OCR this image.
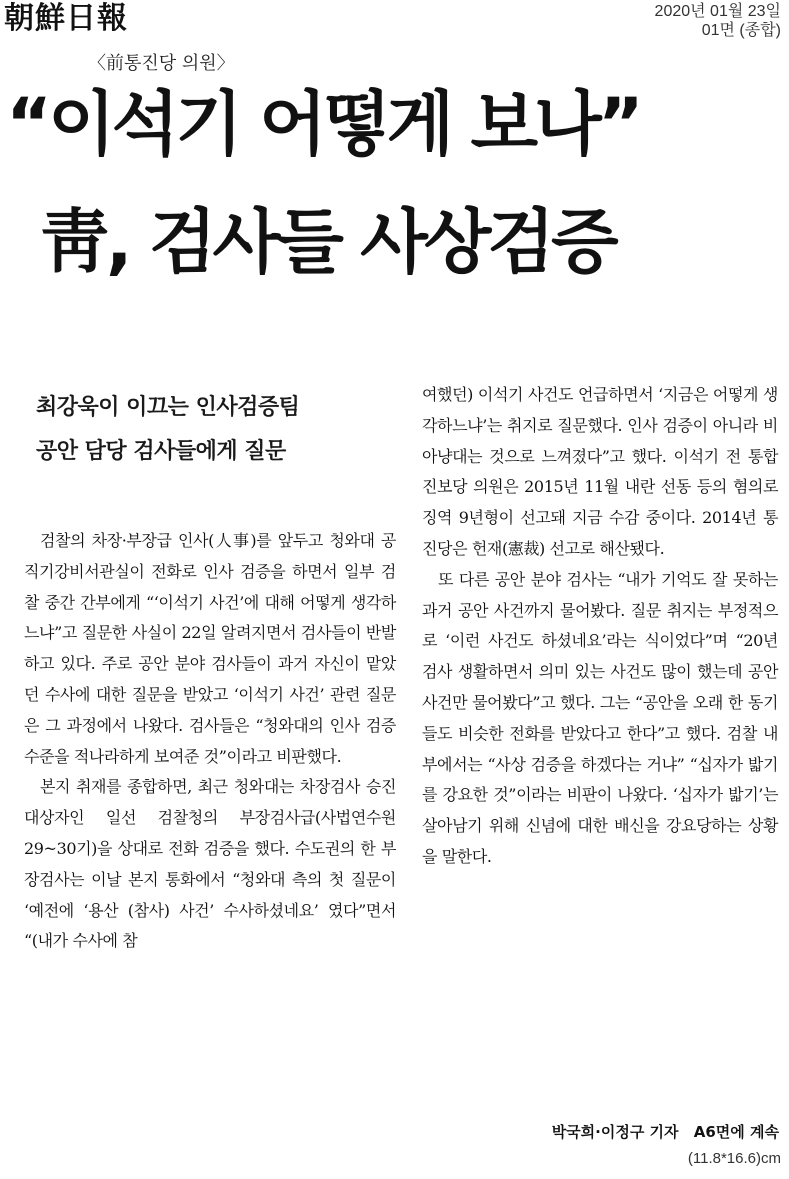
朝鮮日報	2020년 01월 23일
01면 (종합)
〈前통진당 의원〉
“이석기 어떻게 보나”
靑, 검사들 사상검증
최강욱이 이끄는 인사검증팀
공안 담당 검사들에게 질문

검찰의 차장·부장급 인사(人事)를 앞두고 청와대 공직기강비서관실이 전화로 인사 검증을 하면서 일부 검찰 중간 간부에게 “‘이석기 사건’에 대해 어떻게 생각하느냐”고 질문한 사실이 22일 알려지면서 검사들이 반발하고 있다. 주로 공안 분야 검사들이 과거 자신이 맡았던 수사에 대한 질문을 받았고 ‘이석기 사건’ 관련 질문은 그 과정에서 나왔다. 검사들은 “청와대의 인사 검증 수준을 적나라하게 보여준 것”이라고 비판했다.

본지 취재를 종합하면, 최근 청와대는 차장검사 승진 대상자인 일선 검찰청의 부장검사급(사법연수원 29~30기)을 상대로 전화 검증을 했다. 수도권의 한 부장검사는 이날 본지 통화에서 “청와대 측의 첫 질문이 ‘예전에 ‘용산 (참사) 사건’ 수사하셨네요’ 였다”면서 “(내가 수사에 참

여했던) 이석기 사건도 언급하면서 ‘지금은 어떻게 생각하느냐’는 취지로 질문했다. 인사 검증이 아니라 비아냥대는 것으로 느껴졌다”고 했다. 이석기 전 통합진보당 의원은 2015년 11월 내란 선동 등의 혐의로 징역 9년형이 선고돼 지금 수감 중이다. 2014년 통진당은 헌재(憲裁) 선고로 해산됐다.

또 다른 공안 분야 검사는 “내가 기억도 잘 못하는 과거 공안 사건까지 물어봤다. 질문 취지는 부정적으로 ‘이런 사건도 하셨네요’라는 식이었다”며 “20년 검사 생활하면서 의미 있는 사건도 많이 했는데 공안 사건만 물어봤다”고 했다. 그는 “공안을 오래 한 동기들도 비슷한 전화를 받았다고 한다”고 했다. 검찰 내부에서는 “사상 검증을 하겠다는 거냐” “십자가 밟기를 강요한 것”이라는 비판이 나왔다. ‘십자가 밟기’는 살아남기 위해 신념에 대한 배신을 강요당하는 상황을 말한다.

박국희·이정구 기자 A6면에 계속
(11.8*16.6)cm
